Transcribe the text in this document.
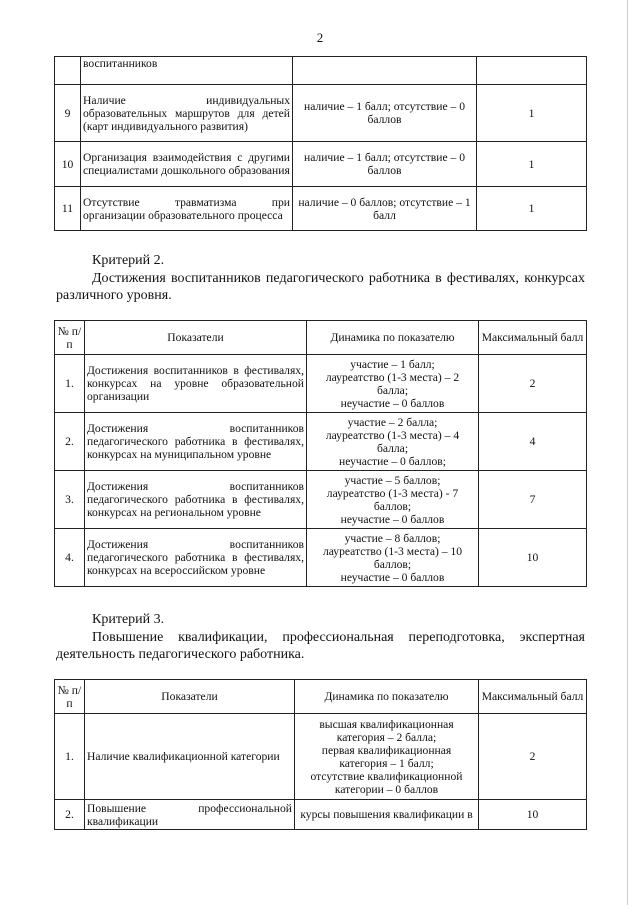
2
	воспитанников		
9	Наличие индивидуальных образовательных маршрутов для детей (карт индивидуального развития)	наличие – 1 балл; отсутствие – 0 баллов	1
10	Организация взаимодействия с другими специалистами дошкольного образования	наличие – 1 балл; отсутствие – 0 баллов	1
11	Отсутствие травматизма при организации образовательного процесса	наличие – 0 баллов; отсутствие – 1 балл	1
Критерий 2.
Достижения воспитанников педагогического работника в фестивалях, конкурсах различного уровня.
№ п/п	Показатели	Динамика по показателю	Максимальный балл
1.	Достижения воспитанников в фестивалях, конкурсах на уровне образовательной организации	участие – 1 балл;
лауреатство (1-3 места) – 2 балла;
неучастие – 0 баллов	2
2.	Достижения воспитанников педагогического работника в фестивалях, конкурсах на муниципальном уровне	участие – 2 балла;
лауреатство (1-3 места) – 4 балла;
неучастие – 0 баллов;	4
3.	Достижения воспитанников педагогического работника в фестивалях, конкурсах на региональном уровне	участие – 5 баллов;
лауреатство (1-3 места) - 7 баллов;
неучастие – 0 баллов	7
4.	Достижения воспитанников педагогического работника в фестивалях, конкурсах на всероссийском уровне	участие – 8 баллов;
лауреатство (1-3 места) – 10 баллов;
неучастие – 0 баллов	10
Критерий 3.
Повышение квалификации, профессиональная переподготовка, экспертная деятельность педагогического работника.
№ п/п	Показатели	Динамика по показателю	Максимальный балл
1.	Наличие квалификационной категории	высшая квалификационная категория – 2 балла;
первая квалификационная категория – 1 балл;
отсутствие квалификационной категории – 0 баллов	2
2.	Повышение профессиональной квалификации	курсы повышения квалификации в	10
